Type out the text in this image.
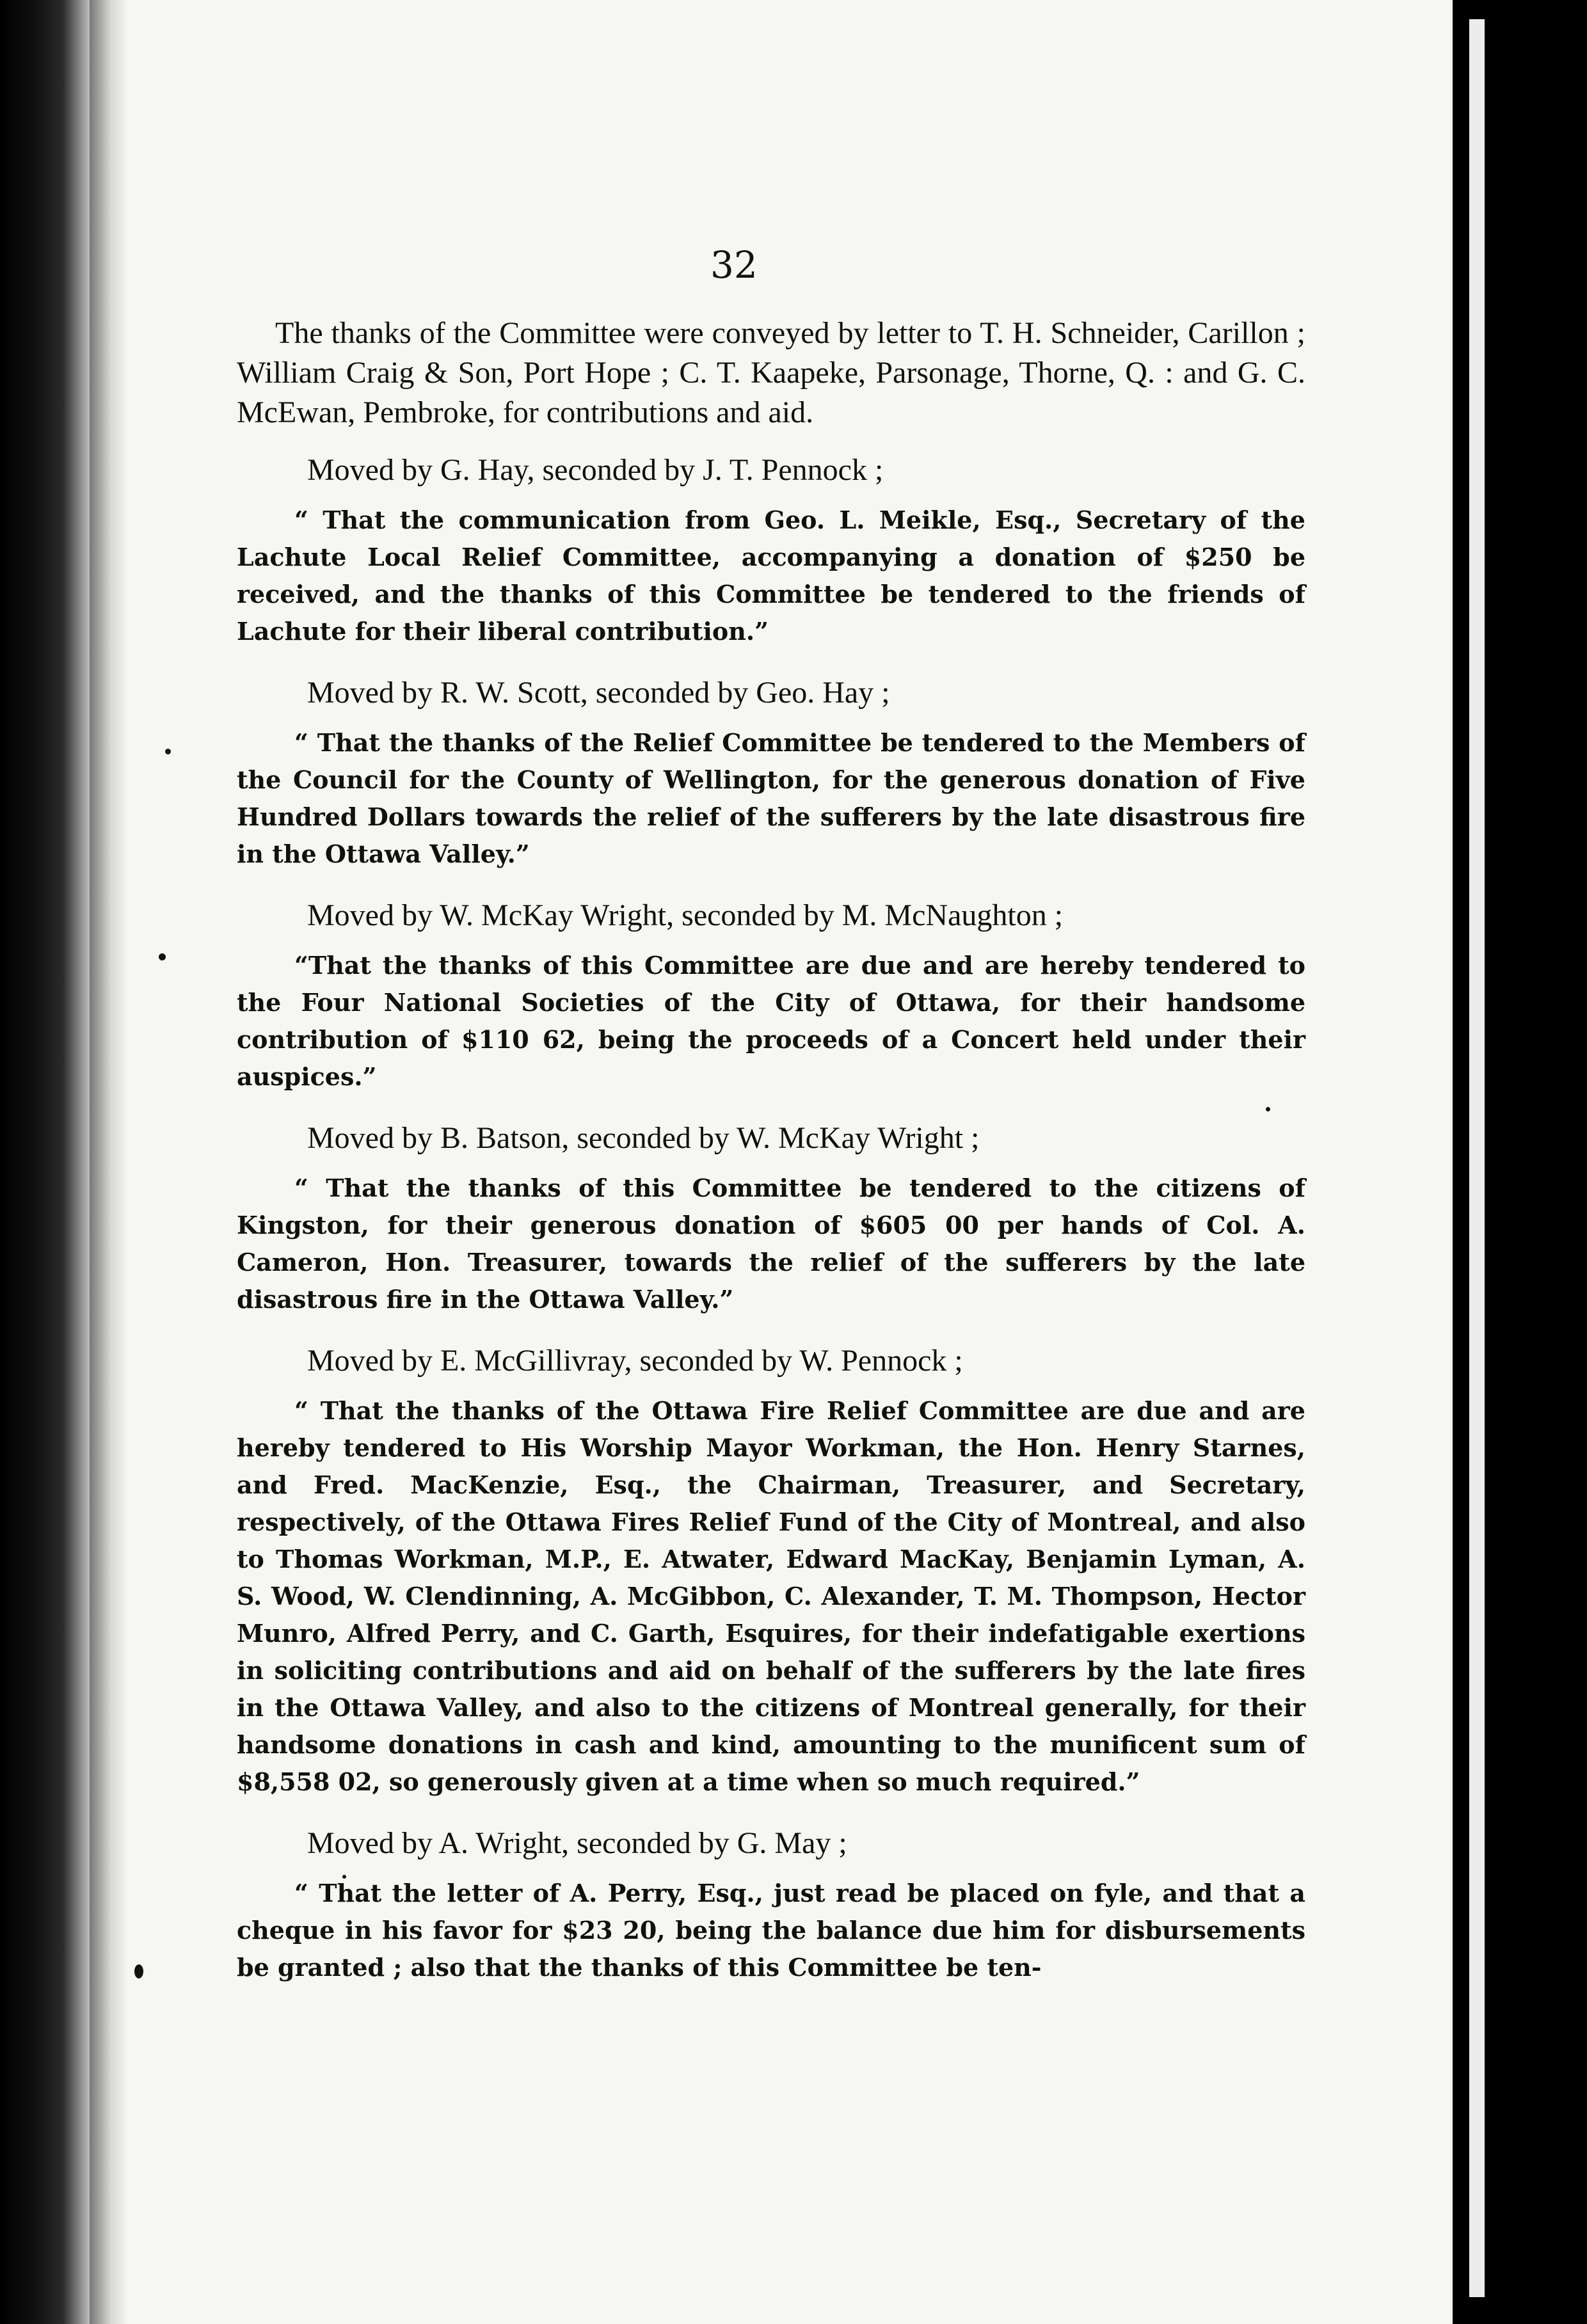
32

The thanks of the Committee were conveyed by letter to T. H. Schneider, Carillon ; William Craig & Son, Port Hope ; C. T. Kaapeke, Parsonage, Thorne, Q. : and G. C. McEwan, Pembroke, for contributions and aid.

Moved by G. Hay, seconded by J. T. Pennock ;

“ That the communication from Geo. L. Meikle, Esq., Secretary of the Lachute Local Relief Committee, accompanying a donation of $250 be received, and the thanks of this Committee be tendered to the friends of Lachute for their liberal contribution.”

Moved by R. W. Scott, seconded by Geo. Hay ;

“ That the thanks of the Relief Committee be tendered to the Members of the Council for the County of Wellington, for the generous donation of Five Hundred Dollars towards the relief of the sufferers by the late disastrous fire in the Ottawa Valley.”

Moved by W. McKay Wright, seconded by M. McNaughton ;

“That the thanks of this Committee are due and are hereby tendered to the Four National Societies of the City of Ottawa, for their handsome contribution of $110 62, being the proceeds of a Concert held under their auspices.”

Moved by B. Batson, seconded by W. McKay Wright ;

“ That the thanks of this Committee be tendered to the citizens of Kingston, for their generous donation of $605 00 per hands of Col. A. Cameron, Hon. Treasurer, towards the relief of the sufferers by the late disastrous fire in the Ottawa Valley.”

Moved by E. McGillivray, seconded by W. Pennock ;

“ That the thanks of the Ottawa Fire Relief Committee are due and are hereby tendered to His Worship Mayor Workman, the Hon. Henry Starnes, and Fred. MacKenzie, Esq., the Chairman, Treasurer, and Secretary, respectively, of the Ottawa Fires Relief Fund of the City of Montreal, and also to Thomas Workman, M.P., E. Atwater, Edward MacKay, Benjamin Lyman, A. S. Wood, W. Clendinning, A. McGibbon, C. Alexander, T. M. Thompson, Hector Munro, Alfred Perry, and C. Garth, Esquires, for their indefatigable exertions in soliciting contributions and aid on behalf of the sufferers by the late fires in the Ottawa Valley, and also to the citizens of Montreal generally, for their handsome donations in cash and kind, amounting to the munificent sum of $8,558 02, so generously given at a time when so much required.”

Moved by A. Wright, seconded by G. May ;

“ That the letter of A. Perry, Esq., just read be placed on fyle, and that a cheque in his favor for $23 20, being the balance due him for disbursements be granted ; also that the thanks of this Committee be ten-
